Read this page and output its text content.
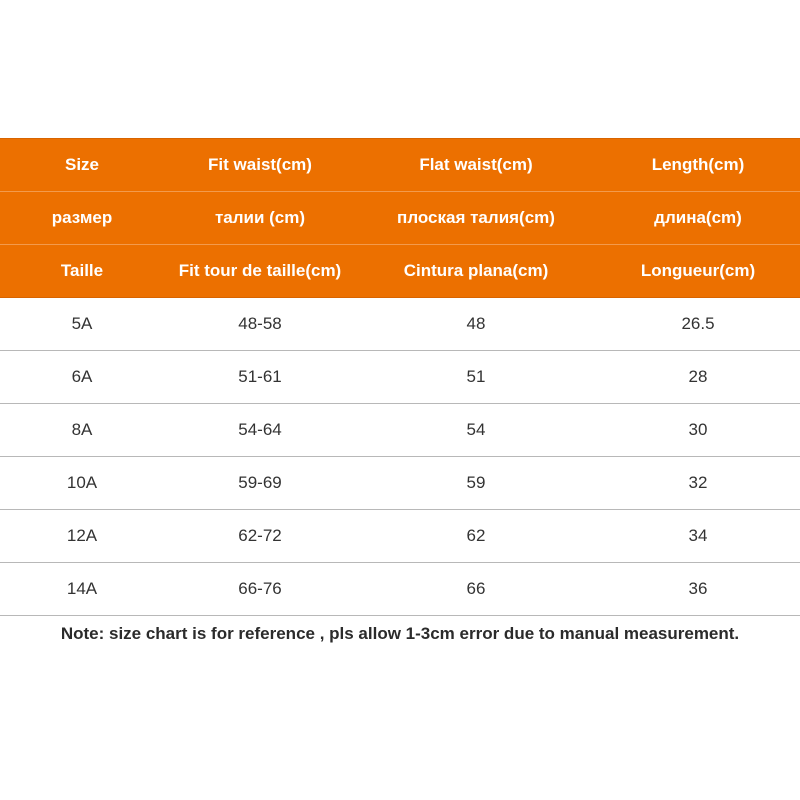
Size	Fit waist(cm)	Flat waist(cm)	Length(cm)
размер	талии (cm)	плоская талия(cm)	длина(cm)
Taille	Fit tour de taille(cm)	Cintura plana(cm)	Longueur(cm)
5A	48-58	48	26.5
6A	51-61	51	28
8A	54-64	54	30
10A	59-69	59	32
12A	62-72	62	34
14A	66-76	66	36
Note: size chart is for reference , pls allow 1-3cm error due to manual measurement.
